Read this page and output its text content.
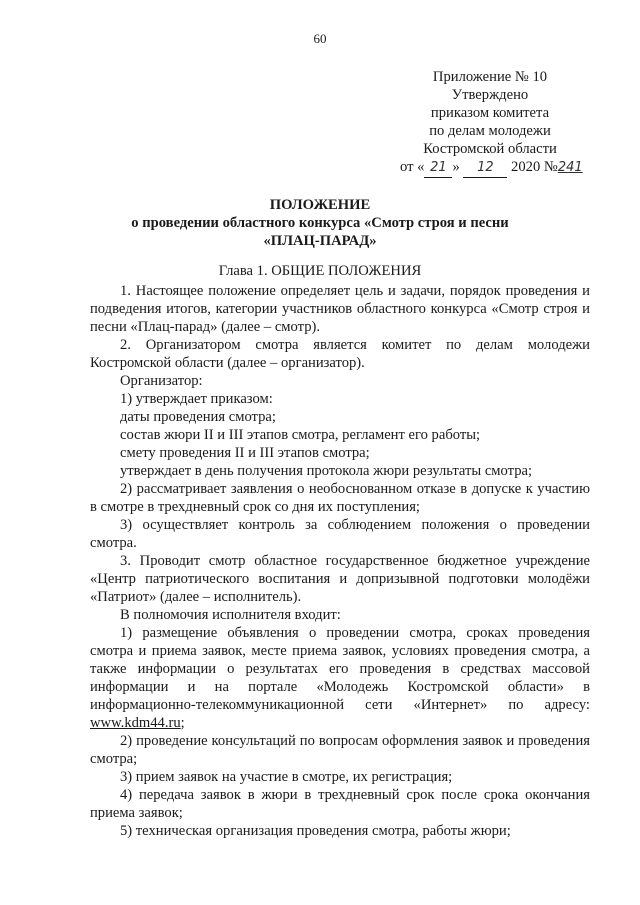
60
Приложение № 10
Утверждено
приказом комитета
по делам молодежи
Костромской области
от « 21 » 12 2020 №241
ПОЛОЖЕНИЕ
о проведении областного конкурса «Смотр строя и песни
«ПЛАЦ-ПАРАД»
Глава 1. ОБЩИЕ ПОЛОЖЕНИЯ

1. Настоящее положение определяет цель и задачи, порядок проведения и подведения итогов, категории участников областного конкурса «Смотр строя и песни «Плац-парад» (далее – смотр).

2. Организатором смотра является комитет по делам молодежи Костромской области (далее – организатор).

Организатор:

1) утверждает приказом:

даты проведения смотра;

состав жюри II и III этапов смотра, регламент его работы;

смету проведения II и III этапов смотра;

утверждает в день получения протокола жюри результаты смотра;

2) рассматривает заявления о необоснованном отказе в допуске к участию в смотре в трехдневный срок со дня их поступления;

3) осуществляет контроль за соблюдением положения о проведении смотра.

3. Проводит смотр областное государственное бюджетное учреждение «Центр патриотического воспитания и допризывной подготовки молодёжи «Патриот» (далее – исполнитель).

В полномочия исполнителя входит:

1) размещение объявления о проведении смотра, сроках проведения смотра и приема заявок, месте приема заявок, условиях проведения смотра, а также информации о результатах его проведения в средствах массовой информации и на портале «Молодежь Костромской области» в информационно-телекоммуникационной сети «Интернет» по адресу: www.kdm44.ru;

2) проведение консультаций по вопросам оформления заявок и проведения смотра;

3) прием заявок на участие в смотре, их регистрация;

4) передача заявок в жюри в трехдневный срок после срока окончания приема заявок;

5) техническая организация проведения смотра, работы жюри;
